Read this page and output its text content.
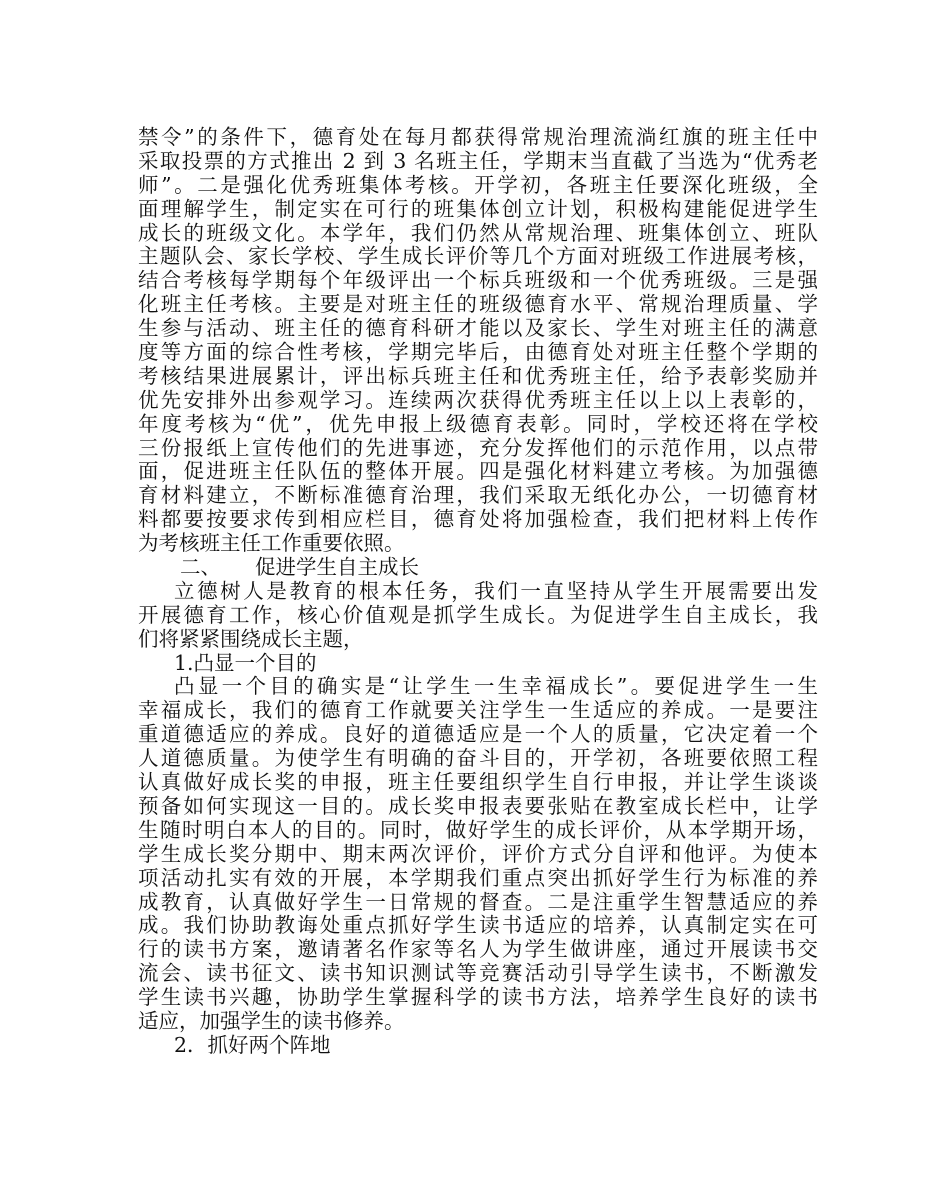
禁令”的条件下，德育处在每月都获得常规治理流淌红旗的班主任中
采取投票的方式推出 2 到 3 名班主任，学期末当直截了当选为“优秀老
师”。二是强化优秀班集体考核。开学初，各班主任要深化班级，全
面理解学生，制定实在可行的班集体创立计划，积极构建能促进学生
成长的班级文化。本学年，我们仍然从常规治理、班集体创立、班队
主题队会、家长学校、学生成长评价等几个方面对班级工作进展考核，
结合考核每学期每个年级评出一个标兵班级和一个优秀班级。三是强
化班主任考核。主要是对班主任的班级德育水平、常规治理质量、学
生参与活动、班主任的德育科研才能以及家长、学生对班主任的满意
度等方面的综合性考核，学期完毕后，由德育处对班主任整个学期的
考核结果进展累计，评出标兵班主任和优秀班主任，给予表彰奖励并
优先安排外出参观学习。连续两次获得优秀班主任以上以上表彰的，
年度考核为“优”，优先申报上级德育表彰。同时，学校还将在学校
三份报纸上宣传他们的先进事迹，充分发挥他们的示范作用，以点带
面，促进班主任队伍的整体开展。四是强化材料建立考核。为加强德
育材料建立，不断标准德育治理，我们采取无纸化办公，一切德育材
料都要按要求传到相应栏目，德育处将加强检查，我们把材料上传作
为考核班主任工作重要依照。
二、 促进学生自主成长
立德树人是教育的根本任务，我们一直坚持从学生开展需要出发
开展德育工作，核心价值观是抓学生成长。为促进学生自主成长，我
们将紧紧围绕成长主题，
1.凸显一个目的
凸显一个目的确实是“让学生一生幸福成长”。要促进学生一生
幸福成长，我们的德育工作就要关注学生一生适应的养成。一是要注
重道德适应的养成。良好的道德适应是一个人的质量，它决定着一个
人道德质量。为使学生有明确的奋斗目的，开学初，各班要依照工程
认真做好成长奖的申报，班主任要组织学生自行申报，并让学生谈谈
预备如何实现这一目的。成长奖申报表要张贴在教室成长栏中，让学
生随时明白本人的目的。同时，做好学生的成长评价，从本学期开场，
学生成长奖分期中、期末两次评价，评价方式分自评和他评。为使本
项活动扎实有效的开展，本学期我们重点突出抓好学生行为标准的养
成教育，认真做好学生一日常规的督查。二是注重学生智慧适应的养
成。我们协助教诲处重点抓好学生读书适应的培养，认真制定实在可
行的读书方案，邀请著名作家等名人为学生做讲座，通过开展读书交
流会、读书征文、读书知识测试等竞赛活动引导学生读书，不断激发
学生读书兴趣，协助学生掌握科学的读书方法，培养学生良好的读书
适应，加强学生的读书修养。
2．抓好两个阵地
